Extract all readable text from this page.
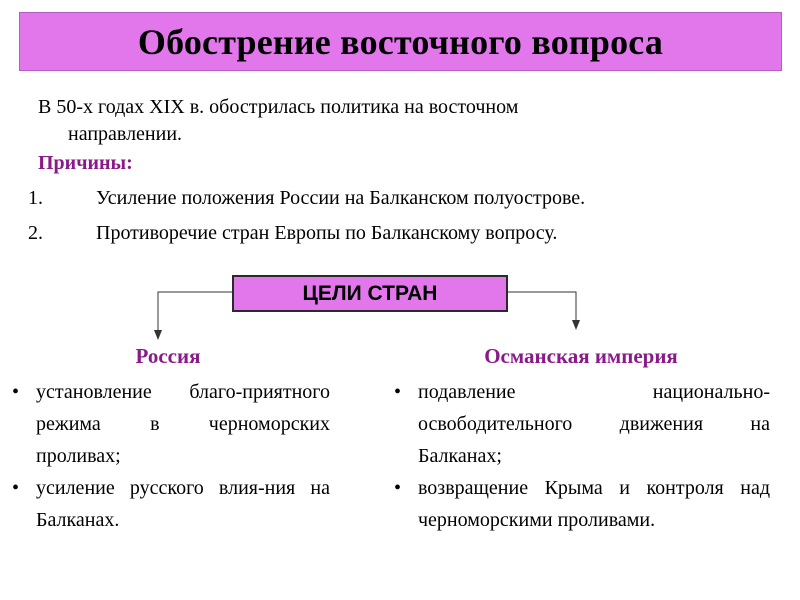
Обострение восточного вопроса
В 50-х годах XIX в. обострилась политика на восточном
направлении.
Причины:
1.	Усиление положения России на Балканском полуострове.
2.	Противоречие стран Европы по Балканскому вопросу.
ЦЕЛИ СТРАН
Россия
• установление благо-приятного режима в черноморских проливах;
• усиление русского влия-ния на Балканах.
Османская империя
• подавление национально-освободительного движения на Балканах;
• возвращение Крыма и контроля над черноморскими проливами.
